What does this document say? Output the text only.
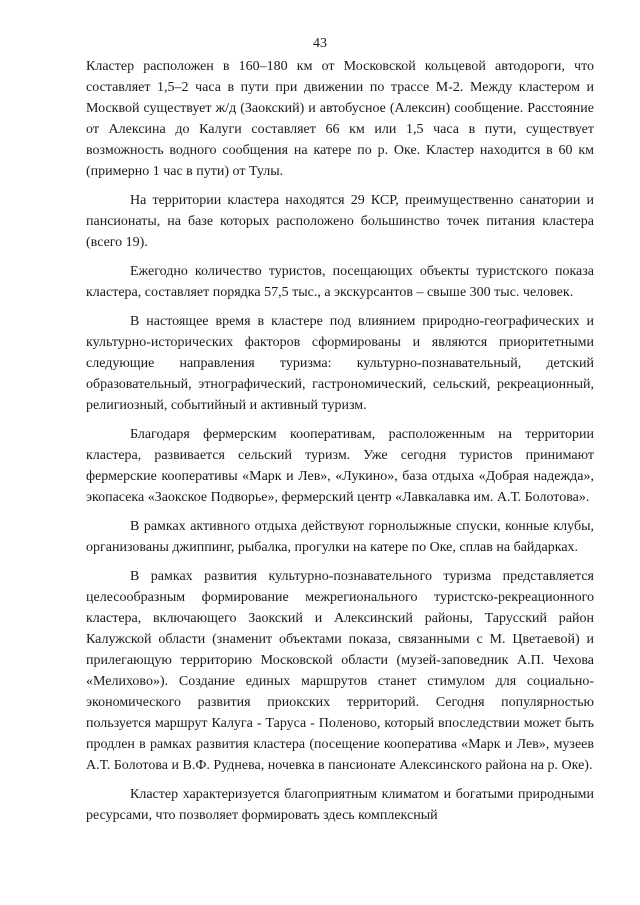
43

Кластер расположен в 160–180 км от Московской кольцевой автодороги, что составляет 1,5–2 часа в пути при движении по трассе М-2. Между кластером и Москвой существует ж/д (Заокский) и автобусное (Алексин) сообщение. Расстояние от Алексина до Калуги составляет 66 км или 1,5 часа в пути, существует возможность водного сообщения на катере по р. Оке. Кластер находится в 60 км (примерно 1 час в пути) от Тулы.

На территории кластера находятся 29 КСР, преимущественно санатории и пансионаты, на базе которых расположено большинство точек питания кластера (всего 19).

Ежегодно количество туристов, посещающих объекты туристского показа кластера, составляет порядка 57,5 тыс., а экскурсантов – свыше 300 тыс. человек.

В настоящее время в кластере под влиянием природно-географических и культурно-исторических факторов сформированы и являются приоритетными следующие направления туризма: культурно-познавательный, детский образовательный, этнографический, гастрономический, сельский, рекреационный, религиозный, событийный и активный туризм.

Благодаря фермерским кооперативам, расположенным на территории кластера, развивается сельский туризм. Уже сегодня туристов принимают фермерские кооперативы «Марк и Лев», «Лукино», база отдыха «Добрая надежда», экопасека «Заокское Подворье», фермерский центр «Лавкалавка им. А.Т. Болотова».

В рамках активного отдыха действуют горнолыжные спуски, конные клубы, организованы джиппинг, рыбалка, прогулки на катере по Оке, сплав на байдарках.

В рамках развития культурно-познавательного туризма представляется целесообразным формирование межрегионального туристско-рекреационного кластера, включающего Заокский и Алексинский районы, Тарусский район Калужской области (знаменит объектами показа, связанными с М. Цветаевой) и прилегающую территорию Московской области (музей-заповедник А.П. Чехова «Мелихово»). Создание единых маршрутов станет стимулом для социально-экономического развития приокских территорий. Сегодня популярностью пользуется маршрут Калуга - Таруса - Поленово, который впоследствии может быть продлен в рамках развития кластера (посещение кооператива «Марк и Лев», музеев А.Т. Болотова и В.Ф. Руднева, ночевка в пансионате Алексинского района на р. Оке).

Кластер характеризуется благоприятным климатом и богатыми природными ресурсами, что позволяет формировать здесь комплексный
